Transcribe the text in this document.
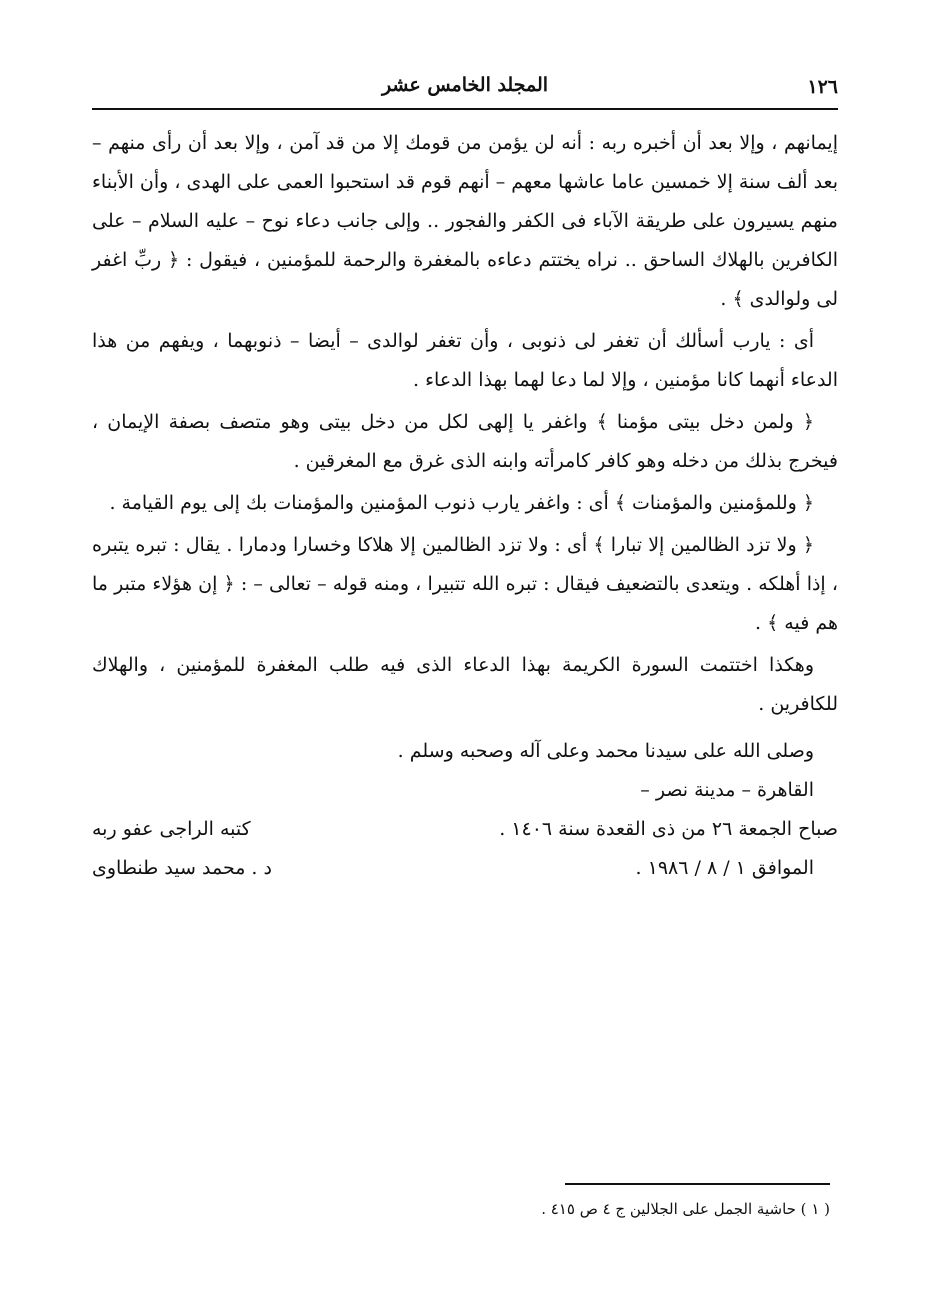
١٢٦
المجلد الخامس عشر

إيمانهم ، وإلا بعد أن أخبره ربه : أنه لن يؤمن من قومك إلا من قد آمن ، وإلا بعد أن رأى منهم – بعد ألف سنة إلا خمسين عاما عاشها معهم – أنهم قوم قد استحبوا العمى على الهدى ، وأن الأبناء منهم يسيرون على طريقة الآباء فى الكفر والفجور .. وإلى جانب دعاء نوح – عليه السلام – على الكافرين بالهلاك الساحق .. نراه يختتم دعاءه بالمغفرة والرحمة للمؤمنين ، فيقول : ﴿ ربِّ اغفر لى ولوالدى ﴾ .

أى : يارب أسألك أن تغفر لى ذنوبى ، وأن تغفر لوالدى – أيضا – ذنوبهما ، ويفهم من هذا الدعاء أنهما كانا مؤمنين ، وإلا لما دعا لهما بهذا الدعاء .

﴿ ولمن دخل بيتى مؤمنا ﴾ واغفر يا إلهى لكل من دخل بيتى وهو متصف بصفة الإيمان ، فيخرج بذلك من دخله وهو كافر كامرأته وابنه الذى غرق مع المغرقين .

﴿ وللمؤمنين والمؤمنات ﴾ أى : واغفر يارب ذنوب المؤمنين والمؤمنات بك إلى يوم القيامة .

﴿ ولا تزد الظالمين إلا تبارا ﴾ أى : ولا تزد الظالمين إلا هلاكا وخسارا ودمارا . يقال : تبره يتبره ، إذا أهلكه . ويتعدى بالتضعيف فيقال : تبره الله تتبيرا ، ومنه قوله – تعالى – : ﴿ إن هؤلاء متبر ما هم فيه ﴾ .

وهكذا اختتمت السورة الكريمة بهذا الدعاء الذى فيه طلب المغفرة للمؤمنين ، والهلاك للكافرين .

وصلى الله على سيدنا محمد وعلى آله وصحبه وسلم .
القاهرة – مدينة نصر –
صباح الجمعة ٢٦ من ذى القعدة سنة ١٤٠٦ .
كتبه الراجى عفو ربه
الموافق ١ / ٨ / ١٩٨٦ .
د . محمد سيد طنطاوى
( ١ ) حاشية الجمل على الجلالين ج ٤ ص ٤١٥ .
